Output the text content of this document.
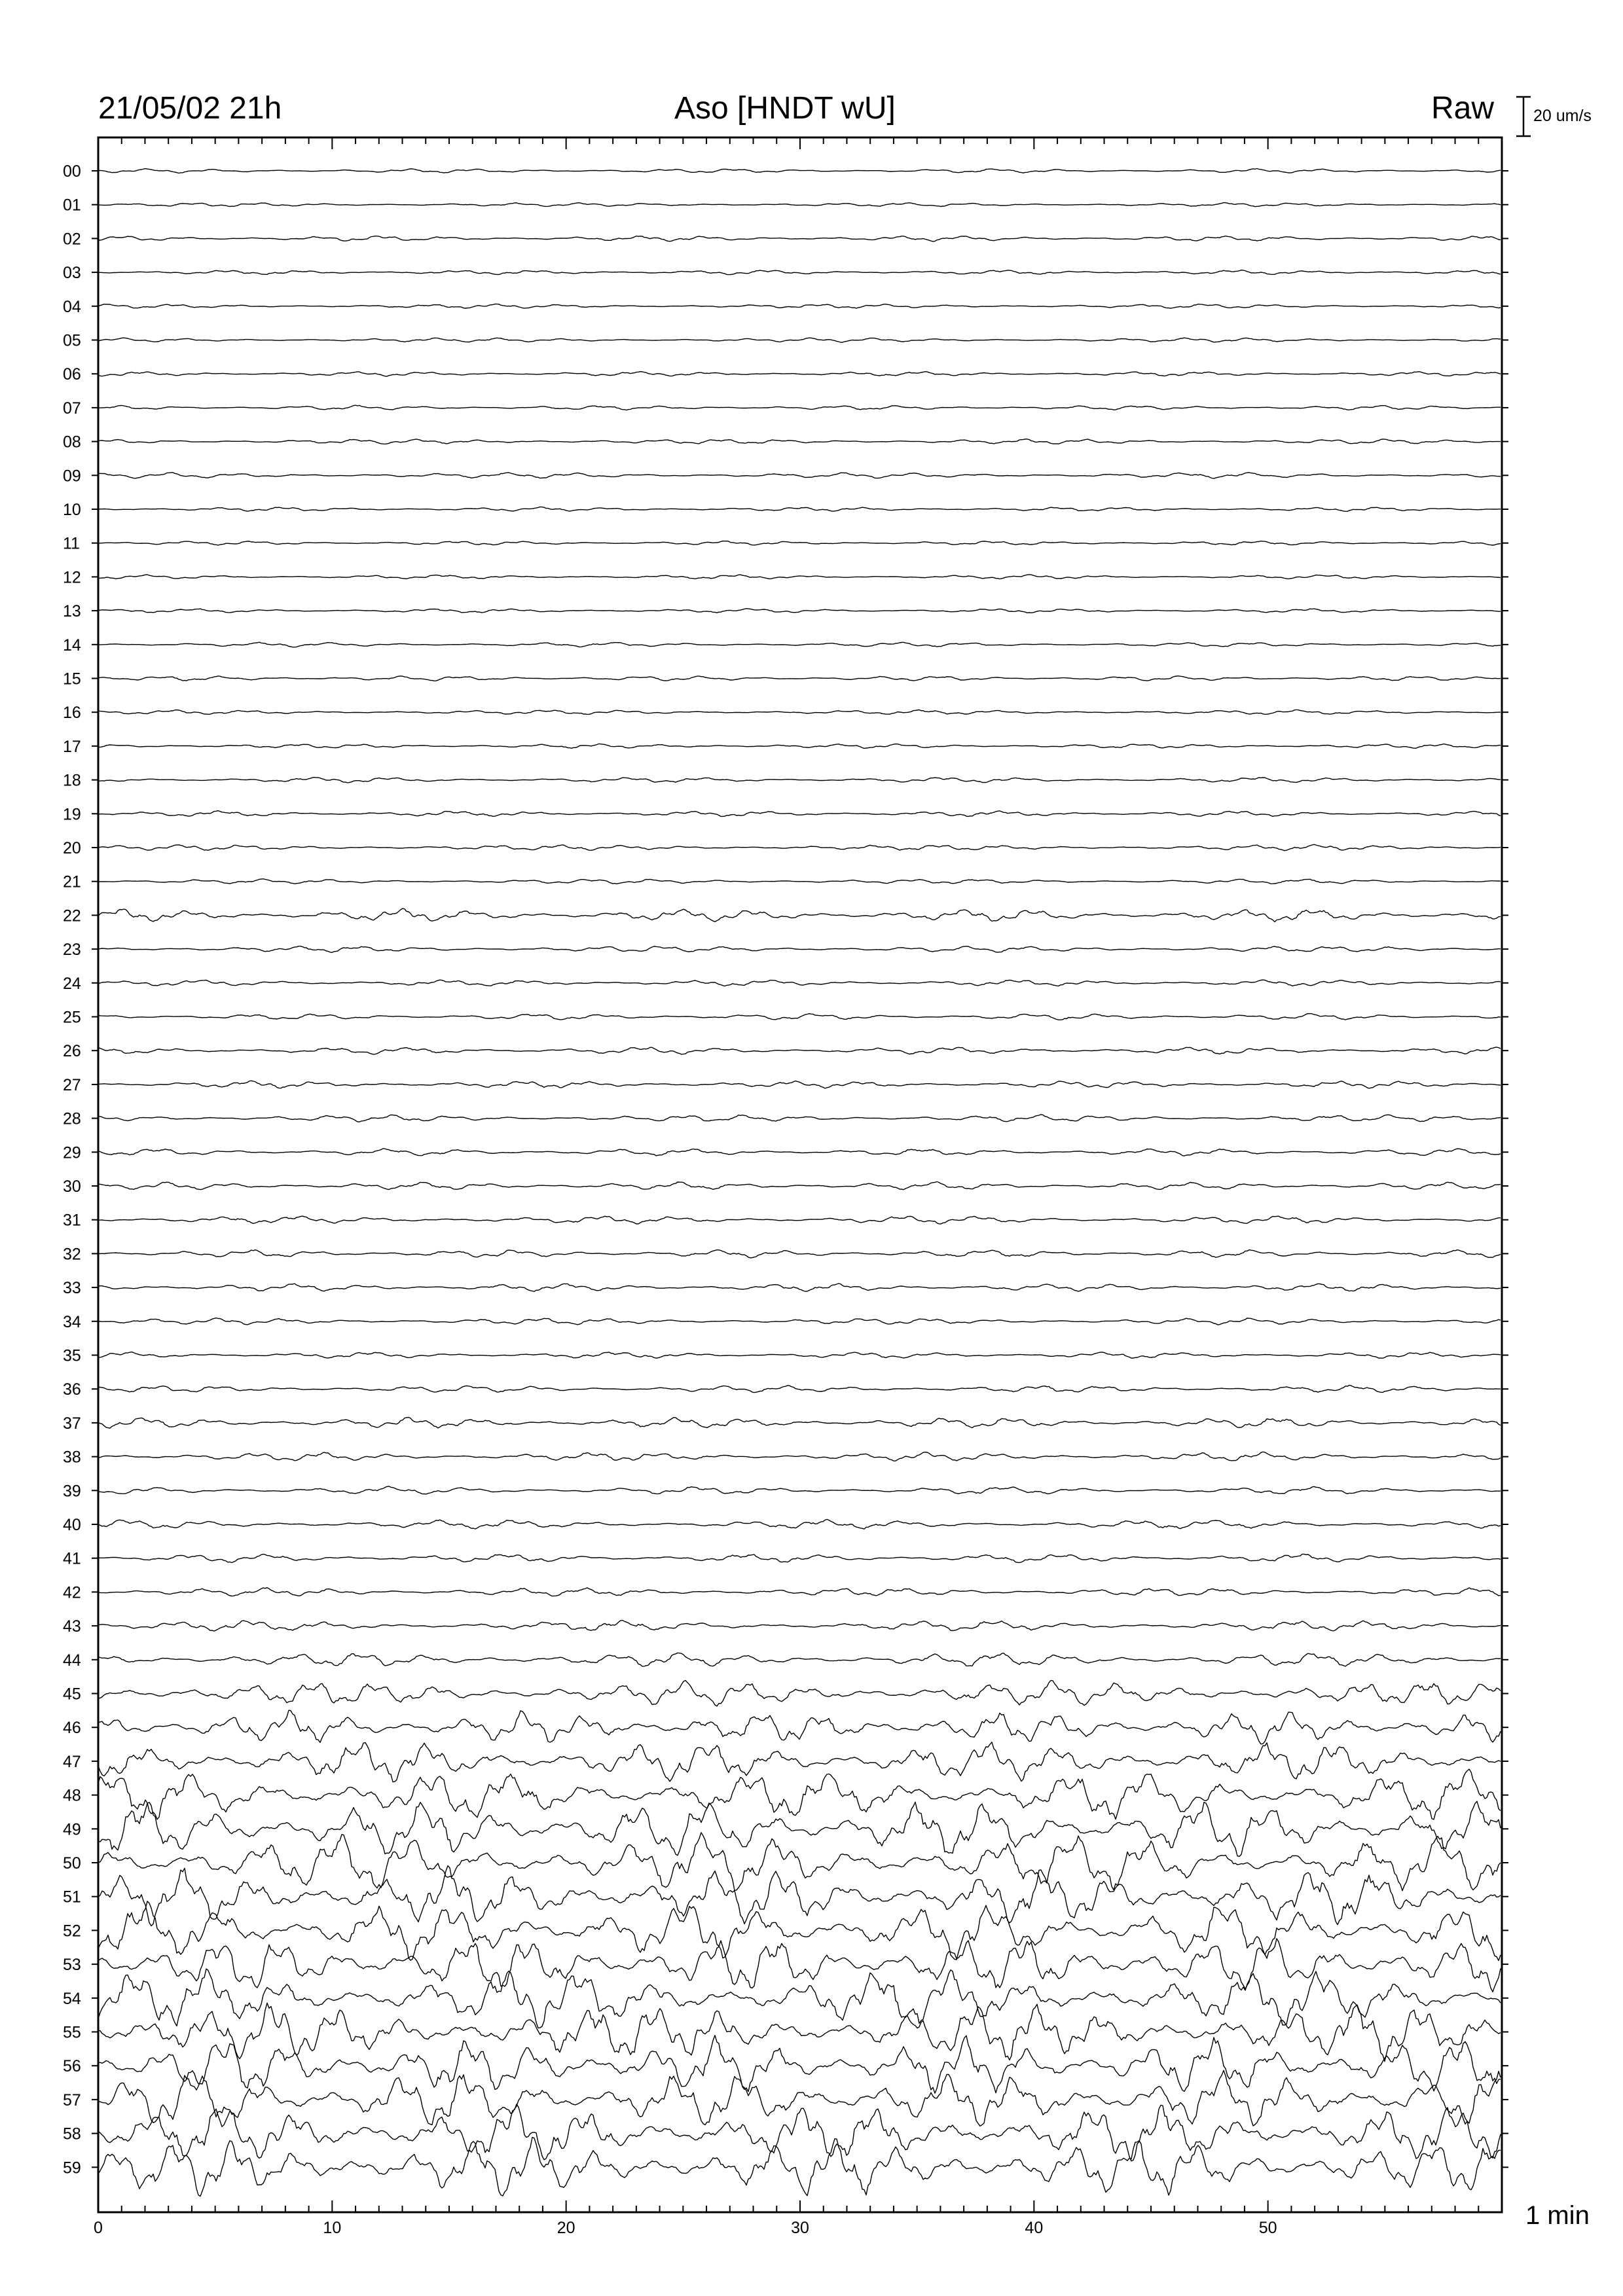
21/05/02 21h	Aso [HNDT wU]	Raw 20 um/s
1 min
00
01
02
03
04
05
06
07
08
09
10
11
12
13
14
15
16
17
18
19
20
21
22
23
24
25
26
27
28
29
30
31
32
33
34
35
36
37
38
39
40
41
42
43
44
45
46
47
48
49
50
51
52
53
54
55
56
57
58
59
0	10	20	30	40	50
